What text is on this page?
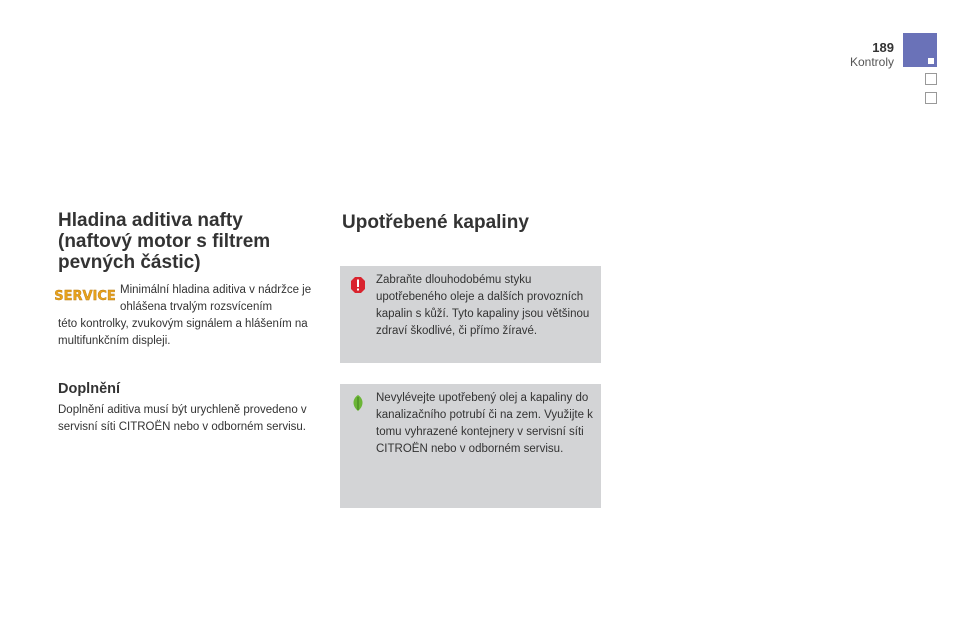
189
Kontroly
Hladina aditiva nafty (naftový motor s filtrem pevných částic)
SERVICE Minimální hladina aditiva v nádržce je ohlášena trvalým rozsvícením

této kontrolky, zvukovým signálem a hlášením na multifunkčním displeji.

Doplnění

Doplnění aditiva musí být urychleně provedeno v servisní síti CITROËN nebo v odborném servisu.

Upotřebené kapaliny

Zabraňte dlouhodobému styku upotřebeného oleje a dalších provozních kapalin s kůží. Tyto kapaliny jsou většinou zdraví škodlivé, či přímo žíravé.

Nevylévejte upotřebený olej a kapaliny do kanalizačního potrubí či na zem. Využijte k tomu vyhrazené kontejnery v servisní síti CITROËN nebo v odborném servisu.
